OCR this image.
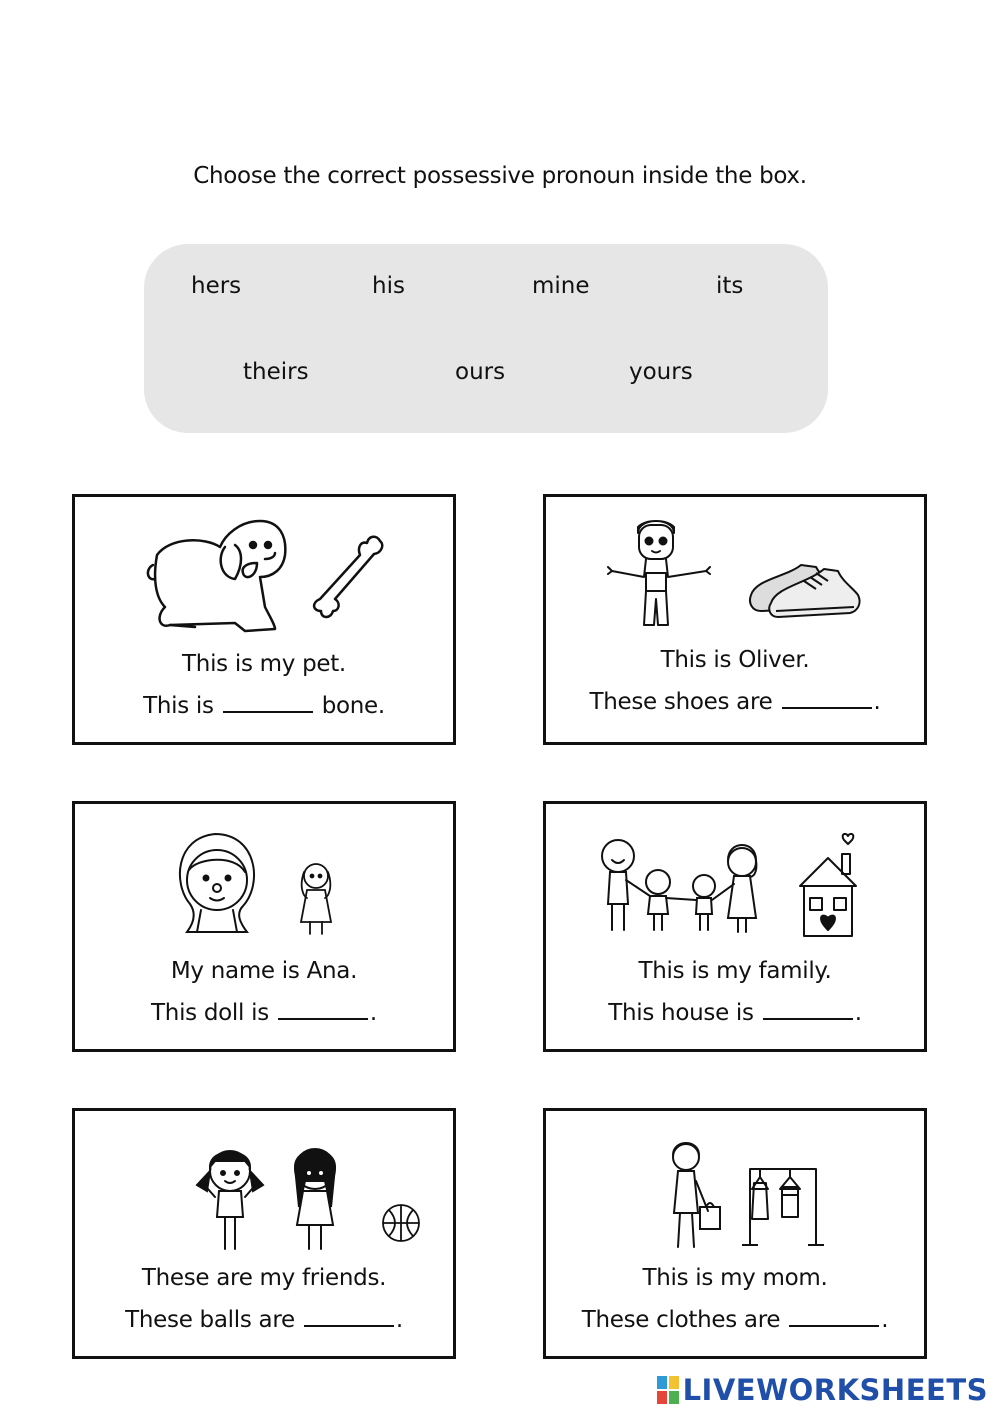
Choose the correct possessive pronoun inside the box.
hers	his	mine	its
theirs	ours	yours
This is my pet.
This is	bone.
This is Oliver.
These shoes are	.
My name is Ana.
This doll is	.
This is my family.
This house is	.
These are my friends.
These balls are	.
This is my mom.
These clothes are	.
LIVEWORKSHEETS
